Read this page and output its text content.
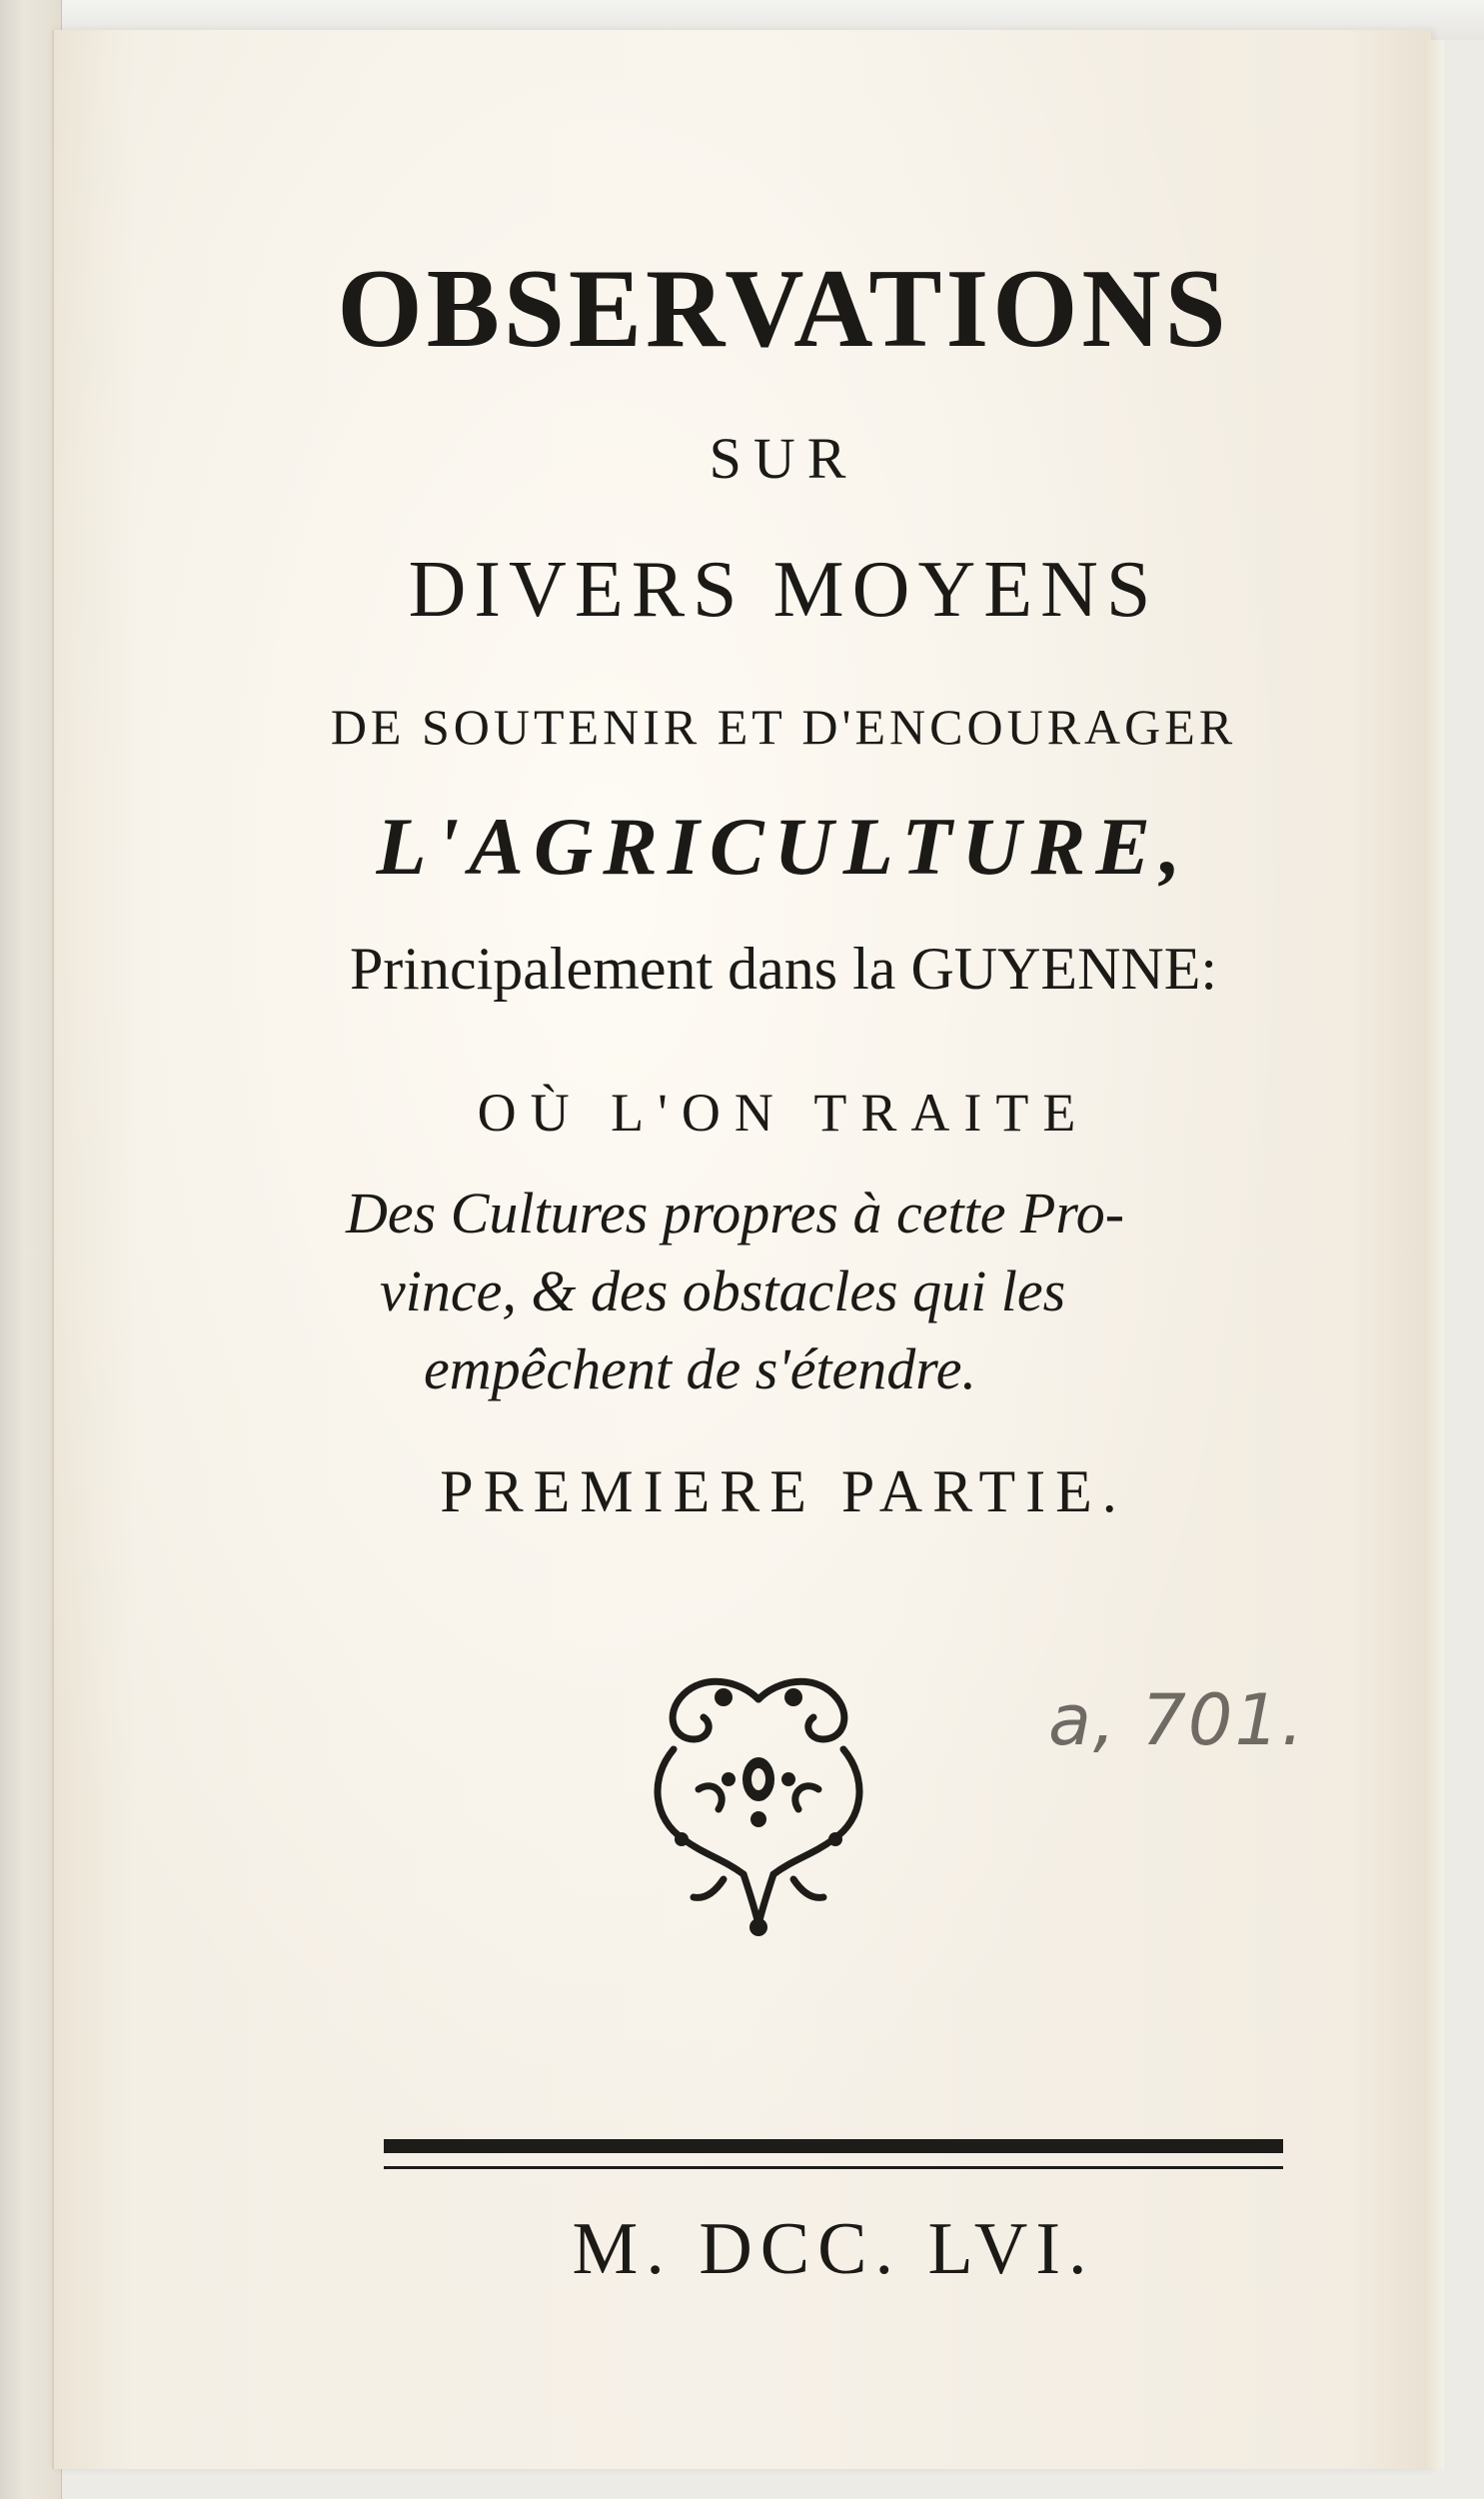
OBSERVATIONS
SUR
DIVERS MOYENS
DE SOUTENIR ET D'ENCOURAGER
L'AGRICULTURE,
Principalement dans la GUYENNE:
OÙ L'ON TRAITE
Des Cultures propres à cette Pro-
vince, & des obstacles qui les
empêchent de s'étendre.
PREMIERE PARTIE.
a, 701.
M. DCC. LVI.
